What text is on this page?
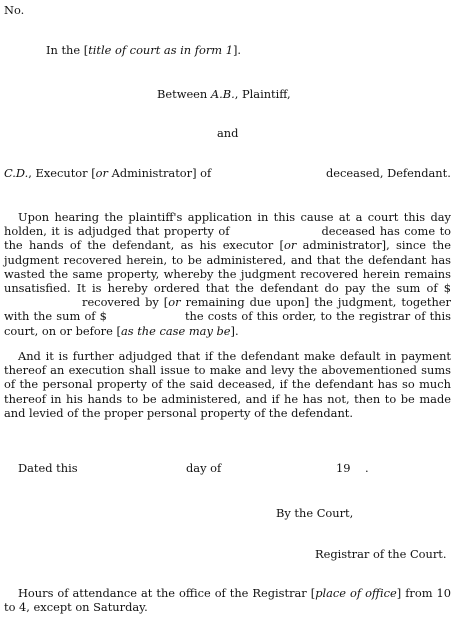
No.
In the [title of court as in form 1].
Between A.B., Plaintiff,
and
C.D., Executor [or Administrator] of	deceased, Defendant.
Upon hearing the plaintiff's application in this cause at a court this day holden, it is adjudged that property of	deceased has come to the hands of the defendant, as his executor [or administrator], since the judgment recovered herein, to be administered, and that the defendant has wasted the same property, whereby the judgment recovered herein remains unsatisfied. It is hereby ordered that the defendant do pay the sum of $recovered by [or remaining due upon] the judgment, together with the sum of $	the costs of this order, to the registrar of this court, on or before [as the case may be].
And it is further adjudged that if the defendant make default in payment thereof an execution shall issue to make and levy the abovementioned sums of the personal property of the said deceased, if the defendant has so much thereof in his hands to be administered, and if he has not, then to be made and levied of the proper personal property of the defendant.
Dated this	day of	19 .
By the Court,
Registrar of the Court.
Hours of attendance at the office of the Registrar [place of office] from 10 to 4, except on Saturday.
